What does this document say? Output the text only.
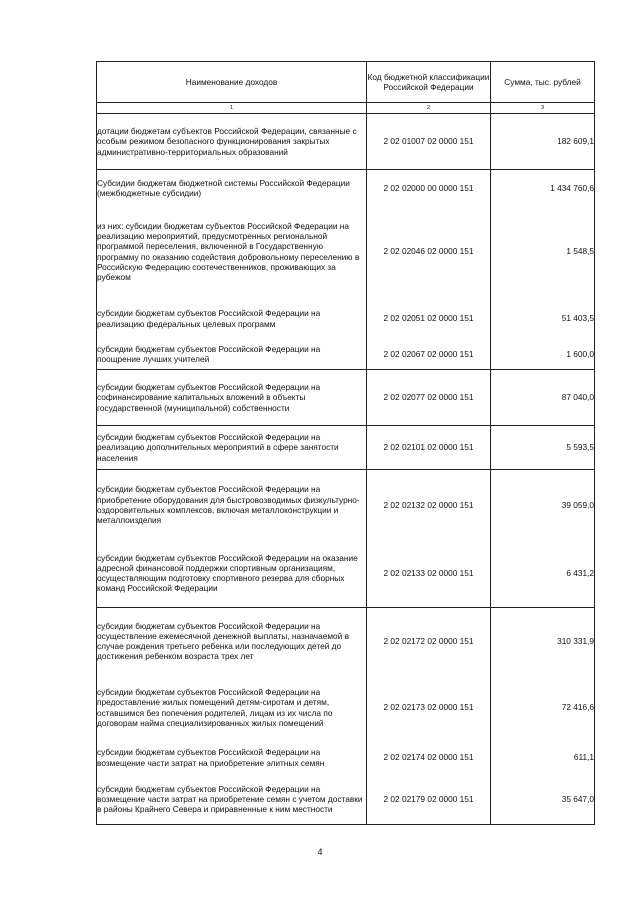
Наименование доходов	Код бюджетной классификации Российской Федерации	Сумма, тыс. рублей
1	2	3
дотации бюджетам субъектов Российской Федерации, связанные с особым режимом безопасного функционирования закрытых административно-территориальных образований	2 02 01007 02 0000 151	182 609,1
Субсидии бюджетам бюджетной системы Российской Федерации (межбюджетные субсидии)	2 02 02000 00 0000 151	1 434 760,6
из них: субсидии бюджетам субъектов Российской Федерации на реализацию мероприятий, предусмотренных региональной программой переселения, включенной в Государственную программу по оказанию содействия добровольному переселению в Российскую Федерацию соотечественников, проживающих за рубежом	2 02 02046 02 0000 151	1 548,5
субсидии бюджетам субъектов Российской Федерации на реализацию федеральных целевых программ	2 02 02051 02 0000 151	51 403,5
субсидии бюджетам субъектов Российской Федерации на поощрение лучших учителей	2 02 02067 02 0000 151	1 600,0
субсидии бюджетам субъектов Российской Федерации на софинансирование капитальных вложений в объекты государственной (муниципальной) собственности	2 02 02077 02 0000 151	87 040,0
субсидии бюджетам субъектов Российской Федерации на реализацию дополнительных мероприятий в сфере занятости населения	2 02 02101 02 0000 151	5 593,5
субсидии бюджетам субъектов Российской Федерации на приобретение оборудования для быстровозводимых физкультурно-оздоровительных комплексов, включая металлоконструкции и металлоизделия	2 02 02132 02 0000 151	39 059,0
субсидии бюджетам субъектов Российской Федерации на оказание адресной финансовой поддержки спортивным организациям, осуществляющим подготовку спортивного резерва для сборных команд Российской Федерации	2 02 02133 02 0000 151	6 431,2
субсидии бюджетам субъектов Российской Федерации на осуществление ежемесячной денежной выплаты, назначаемой в случае рождения третьего ребенка или последующих детей до достижения ребенком возраста трех лет	2 02 02172 02 0000 151	310 331,9
субсидии бюджетам субъектов Российской Федерации на предоставление жилых помещений детям-сиротам и детям, оставшимся без попечения родителей, лицам из их числа по договорам найма специализированных жилых помещений	2 02 02173 02 0000 151	72 416,6
субсидии бюджетам субъектов Российской Федерации на возмещение части затрат на приобретение элитных семян	2 02 02174 02 0000 151	611,1
субсидии бюджетам субъектов Российской Федерации на возмещение части затрат на приобретение семян с учетом доставки в районы Крайнего Севера и приравненные к ним местности	2 02 02179 02 0000 151	35 647,0
4
